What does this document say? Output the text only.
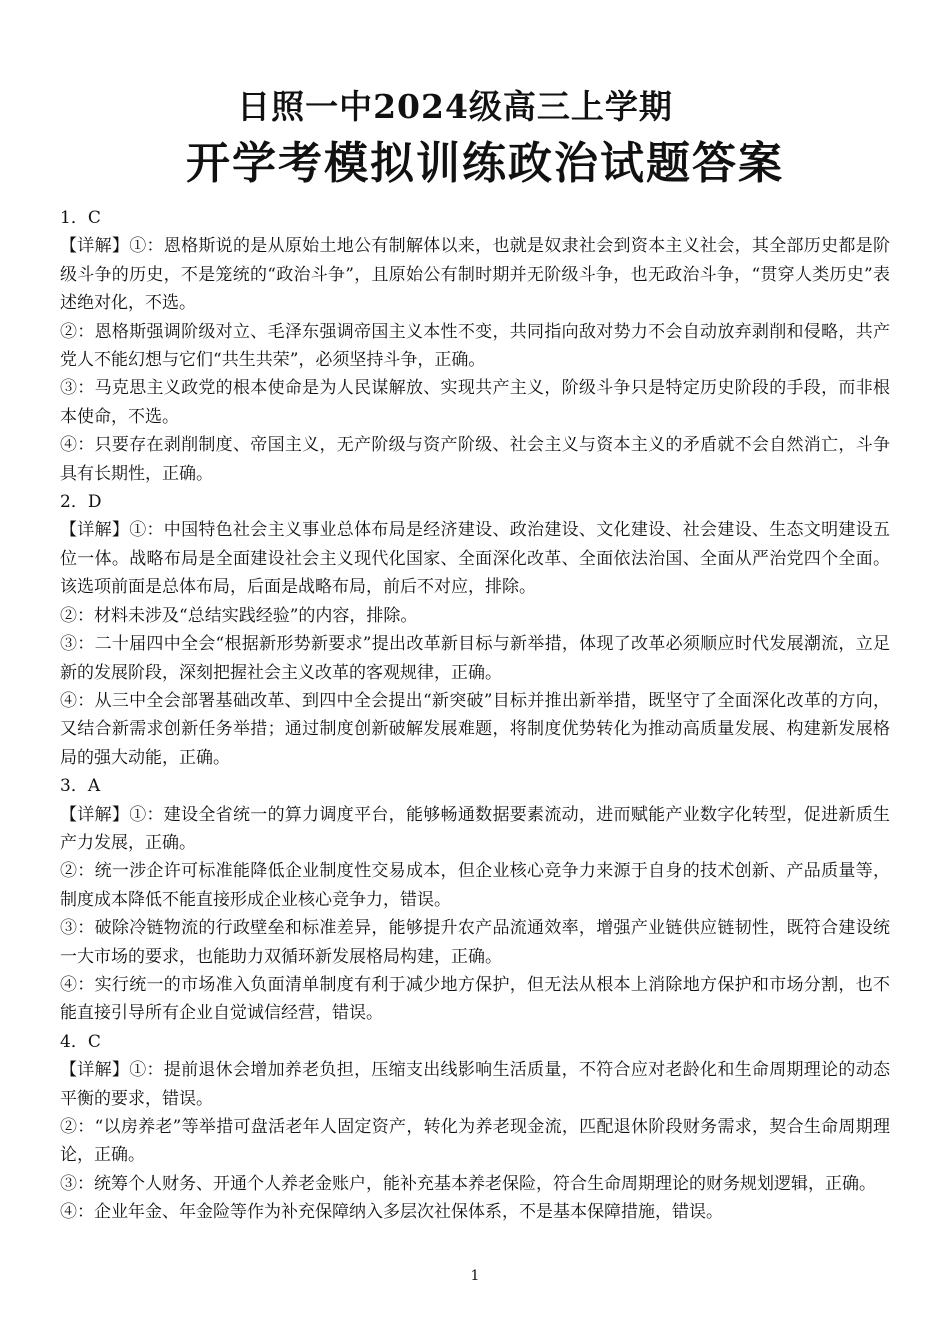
日照一中2024级高三上学期
开学考模拟训练政治试题答案

1．C

【详解】①：恩格斯说的是从原始土地公有制解体以来，也就是奴隶社会到资本主义社会，其全部历史都是阶级斗争的历史，不是笼统的“政治斗争”，且原始公有制时期并无阶级斗争，也无政治斗争，“贯穿人类历史”表述绝对化，不选。

②：恩格斯强调阶级对立、毛泽东强调帝国主义本性不变，共同指向敌对势力不会自动放弃剥削和侵略，共产党人不能幻想与它们“共生共荣”，必须坚持斗争，正确。

③：马克思主义政党的根本使命是为人民谋解放、实现共产主义，阶级斗争只是特定历史阶段的手段，而非根本使命，不选。

④：只要存在剥削制度、帝国主义，无产阶级与资产阶级、社会主义与资本主义的矛盾就不会自然消亡，斗争具有长期性，正确。

2．D

【详解】①：中国特色社会主义事业总体布局是经济建设、政治建设、文化建设、社会建设、生态文明建设五位一体。战略布局是全面建设社会主义现代化国家、全面深化改革、全面依法治国、全面从严治党四个全面。该选项前面是总体布局，后面是战略布局，前后不对应，排除。

②：材料未涉及“总结实践经验”的内容，排除。

③：二十届四中全会“根据新形势新要求”提出改革新目标与新举措，体现了改革必须顺应时代发展潮流，立足新的发展阶段，深刻把握社会主义改革的客观规律，正确。

④：从三中全会部署基础改革、到四中全会提出“新突破”目标并推出新举措，既坚守了全面深化改革的方向，又结合新需求创新任务举措；通过制度创新破解发展难题，将制度优势转化为推动高质量发展、构建新发展格局的强大动能，正确。

3．A

【详解】①：建设全省统一的算力调度平台，能够畅通数据要素流动，进而赋能产业数字化转型，促进新质生产力发展，正确。

②：统一涉企许可标准能降低企业制度性交易成本，但企业核心竞争力来源于自身的技术创新、产品质量等，制度成本降低不能直接形成企业核心竞争力，错误。

③：破除冷链物流的行政壁垒和标准差异，能够提升农产品流通效率，增强产业链供应链韧性，既符合建设统一大市场的要求，也能助力双循环新发展格局构建，正确。

④：实行统一的市场准入负面清单制度有利于减少地方保护，但无法从根本上消除地方保护和市场分割，也不能直接引导所有企业自觉诚信经营，错误。

4．C

【详解】①：提前退休会增加养老负担，压缩支出线影响生活质量，不符合应对老龄化和生命周期理论的动态平衡的要求，错误。

②：“以房养老”等举措可盘活老年人固定资产，转化为养老现金流，匹配退休阶段财务需求，契合生命周期理论，正确。

③：统筹个人财务、开通个人养老金账户，能补充基本养老保险，符合生命周期理论的财务规划逻辑，正确。

④：企业年金、年金险等作为补充保障纳入多层次社保体系，不是基本保障措施，错误。

1
